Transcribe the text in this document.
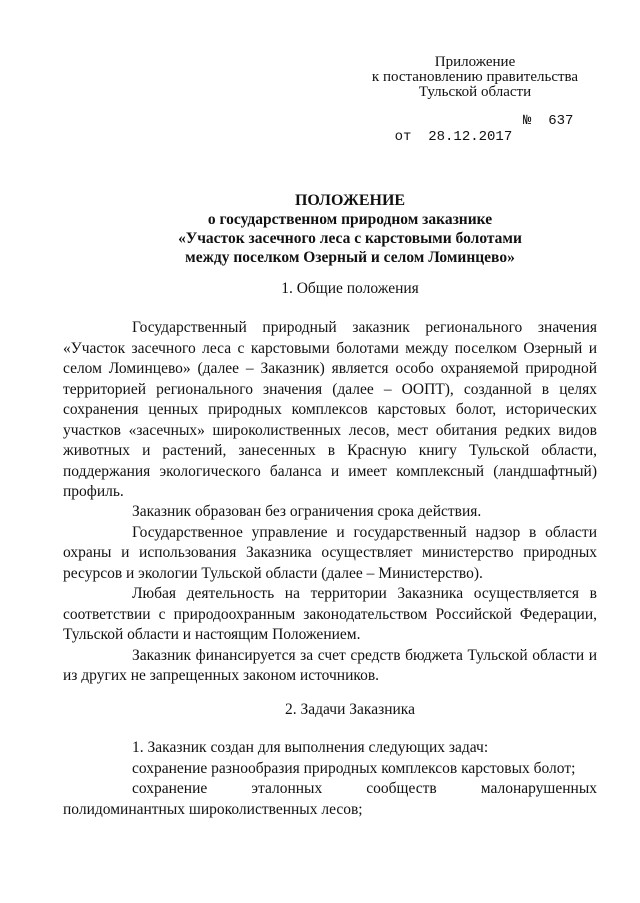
Приложение
к постановлению правительства
Тульской области

от  28.12.2017

№  637

ПОЛОЖЕНИЕ
о государственном природном заказнике
«Участок засечного леса с карстовыми болотами
между поселком Озерный и селом Ломинцево»
1. Общие положения

Государственный природный заказник регионального значения «Участок засечного леса с карстовыми болотами между поселком Озерный и селом Ломинцево» (далее – Заказник) является особо охраняемой природной территорией регионального значения (далее – ООПТ), созданной в целях сохранения ценных природных комплексов карстовых болот, исторических участков «засечных» широколиственных лесов, мест обитания редких видов животных и растений, занесенных в Красную книгу Тульской области, поддержания экологического баланса и имеет комплексный (ландшафтный) профиль.

Заказник образован без ограничения срока действия.

Государственное управление и государственный надзор в области охраны и использования Заказника осуществляет министерство природных ресурсов и экологии Тульской области (далее – Министерство).

Любая деятельность на территории Заказника осуществляется в соответствии с природоохранным законодательством Российской Федерации, Тульской области и настоящим Положением.

Заказник финансируется за счет средств бюджета Тульской области и из других не запрещенных законом источников.

2. Задачи Заказника

1. Заказник создан для выполнения следующих задач:

сохранение разнообразия природных комплексов карстовых болот;

сохранение эталонных сообществ малонарушенных полидоминантных широколиственных лесов;
